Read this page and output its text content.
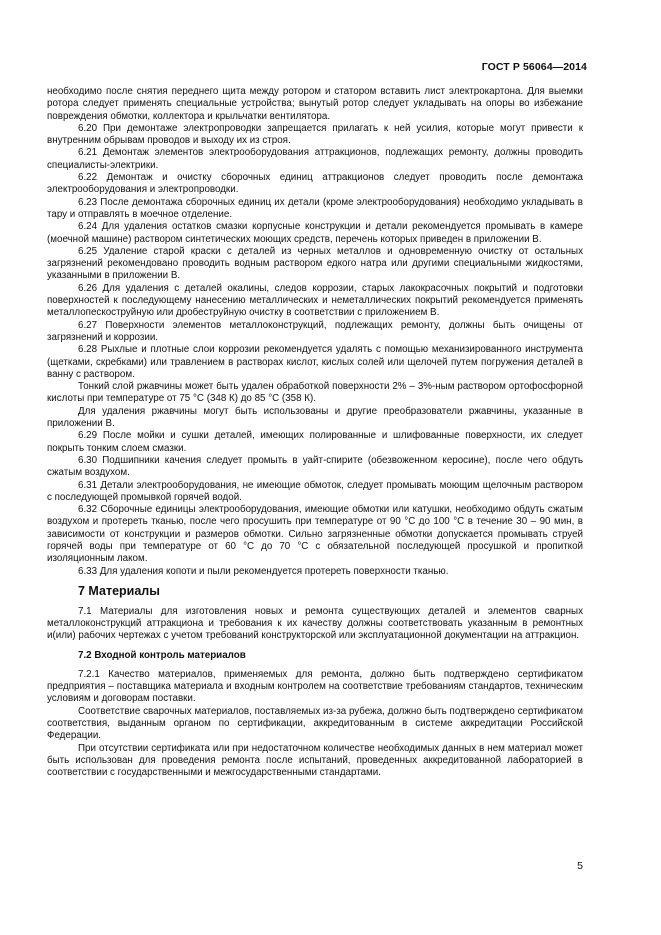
ГОСТ Р 56064—2014

необходимо после снятия переднего щита между ротором и статором вставить лист электрокартона. Для выемки ротора следует применять специальные устройства; вынутый ротор следует укладывать на опоры во избежание повреждения обмотки, коллектора и крыльчатки вентилятора.

6.20 При демонтаже электропроводки запрещается прилагать к ней усилия, которые могут привести к внутренним обрывам проводов и выходу их из строя.

6.21 Демонтаж элементов электрооборудования аттракционов, подлежащих ремонту, должны проводить специалисты-электрики.

6.22 Демонтаж и очистку сборочных единиц аттракционов следует проводить после демонтажа электрооборудования и электропроводки.

6.23 После демонтажа сборочных единиц их детали (кроме электрооборудования) необходимо укладывать в тару и отправлять в моечное отделение.

6.24 Для удаления остатков смазки корпусные конструкции и детали рекомендуется промывать в камере (моечной машине) раствором синтетических моющих средств, перечень которых приведен в приложении В.

6.25 Удаление старой краски с деталей из черных металлов и одновременную очистку от остальных загрязнений рекомендовано проводить водным раствором едкого натра или другими специальными жидкостями, указанными в приложении В.

6.26 Для удаления с деталей окалины, следов коррозии, старых лакокрасочных покрытий и подготовки поверхностей к последующему нанесению металлических и неметаллических покрытий рекомендуется применять металлопескоструйную или дробеструйную очистку в соответствии с приложением В.

6.27 Поверхности элементов металлоконструкций, подлежащих ремонту, должны быть очищены от загрязнений и коррозии.

6.28 Рыхлые и плотные слои коррозии рекомендуется удалять с помощью механизированного инструмента (щетками, скребками) или травлением в растворах кислот, кислых солей или щелочей путем погружения деталей в ванну с раствором.

Тонкий слой ржавчины может быть удален обработкой поверхности 2% – 3%-ным раствором ортофосфорной кислоты при температуре от 75 °С (348 К) до 85 °С (358 К).

Для удаления ржавчины могут быть использованы и другие преобразователи ржавчины, указанные в приложении В.

6.29 После мойки и сушки деталей, имеющих полированные и шлифованные поверхности, их следует покрыть тонким слоем смазки.

6.30 Подшипники качения следует промыть в уайт-спирите (обезвоженном керосине), после чего обдуть сжатым воздухом.

6.31 Детали электрооборудования, не имеющие обмоток, следует промывать моющим щелочным раствором с последующей промывкой горячей водой.

6.32 Сборочные единицы электрооборудования, имеющие обмотки или катушки, необходимо обдуть сжатым воздухом и протереть тканью, после чего просушить при температуре от 90 °С до 100 °С в течение 30 – 90 мин, в зависимости от конструкции и размеров обмотки. Сильно загрязненные обмотки допускается промывать струей горячей воды при температуре от 60 °С до 70 °С с обязательной последующей просушкой и пропиткой изоляционным лаком.

6.33 Для удаления копоти и пыли рекомендуется протереть поверхности тканью.

7 Материалы

7.1 Материалы для изготовления новых и ремонта существующих деталей и элементов сварных металлоконструкций аттракциона и требования к их качеству должны соответствовать указанным в ремонтных и(или) рабочих чертежах с учетом требований конструкторской или эксплуатационной документации на аттракцион.

7.2 Входной контроль материалов

7.2.1 Качество материалов, применяемых для ремонта, должно быть подтверждено сертификатом предприятия – поставщика материала и входным контролем на соответствие требованиям стандартов, техническим условиям и договорам поставки.

Соответствие сварочных материалов, поставляемых из-за рубежа, должно быть подтверждено сертификатом соответствия, выданным органом по сертификации, аккредитованным в системе аккредитации Российской Федерации.

При отсутствии сертификата или при недостаточном количестве необходимых данных в нем материал может быть использован для проведения ремонта после испытаний, проведенных аккредитованной лабораторией в соответствии с государственными и межгосударственными стандартами.

5
